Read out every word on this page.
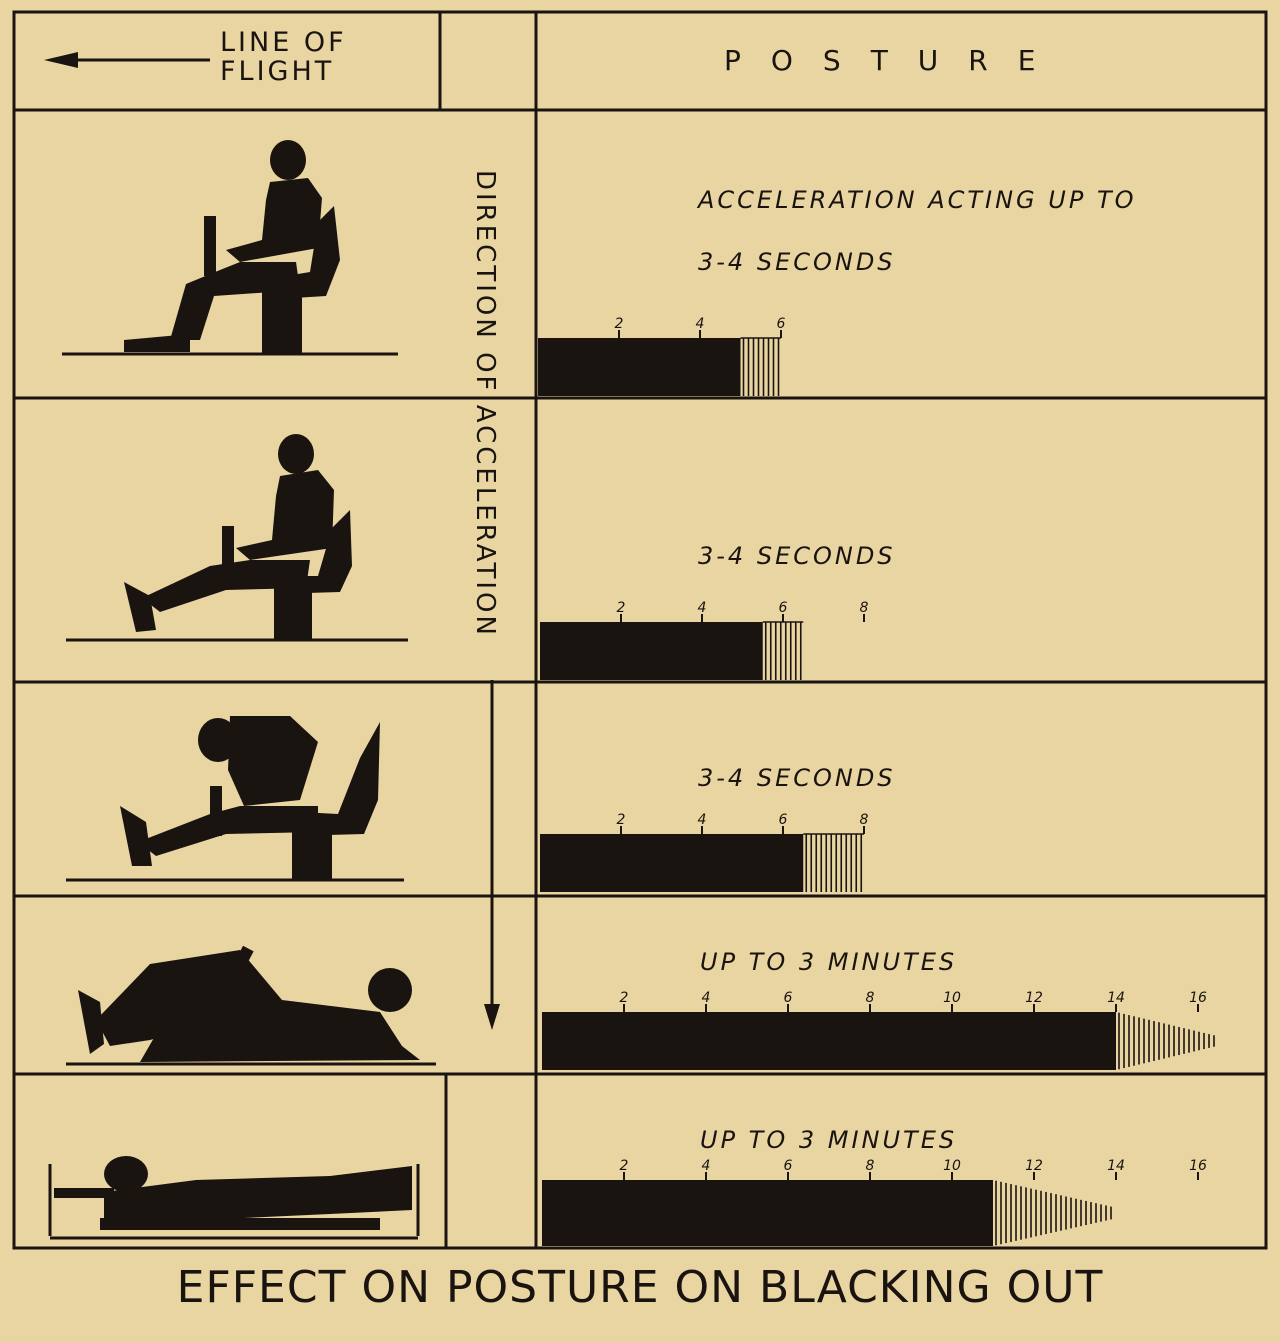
LINE OF
FLIGHT	POSTURE
DIRECTION OF ACCELERATION	ACCELERATION ACTING UP TO
3-4 SECONDS
3-4 SECONDS
3-4 SECONDS
UP TO 3 MINUTES
UP TO 3 MINUTES
EFFECT ON POSTURE ON BLACKING OUT
2	4	6
2	4	6	8
2	4	6	8
2	4	6	8	10	12	14	16
2	4	6	8	10	12	14	16
